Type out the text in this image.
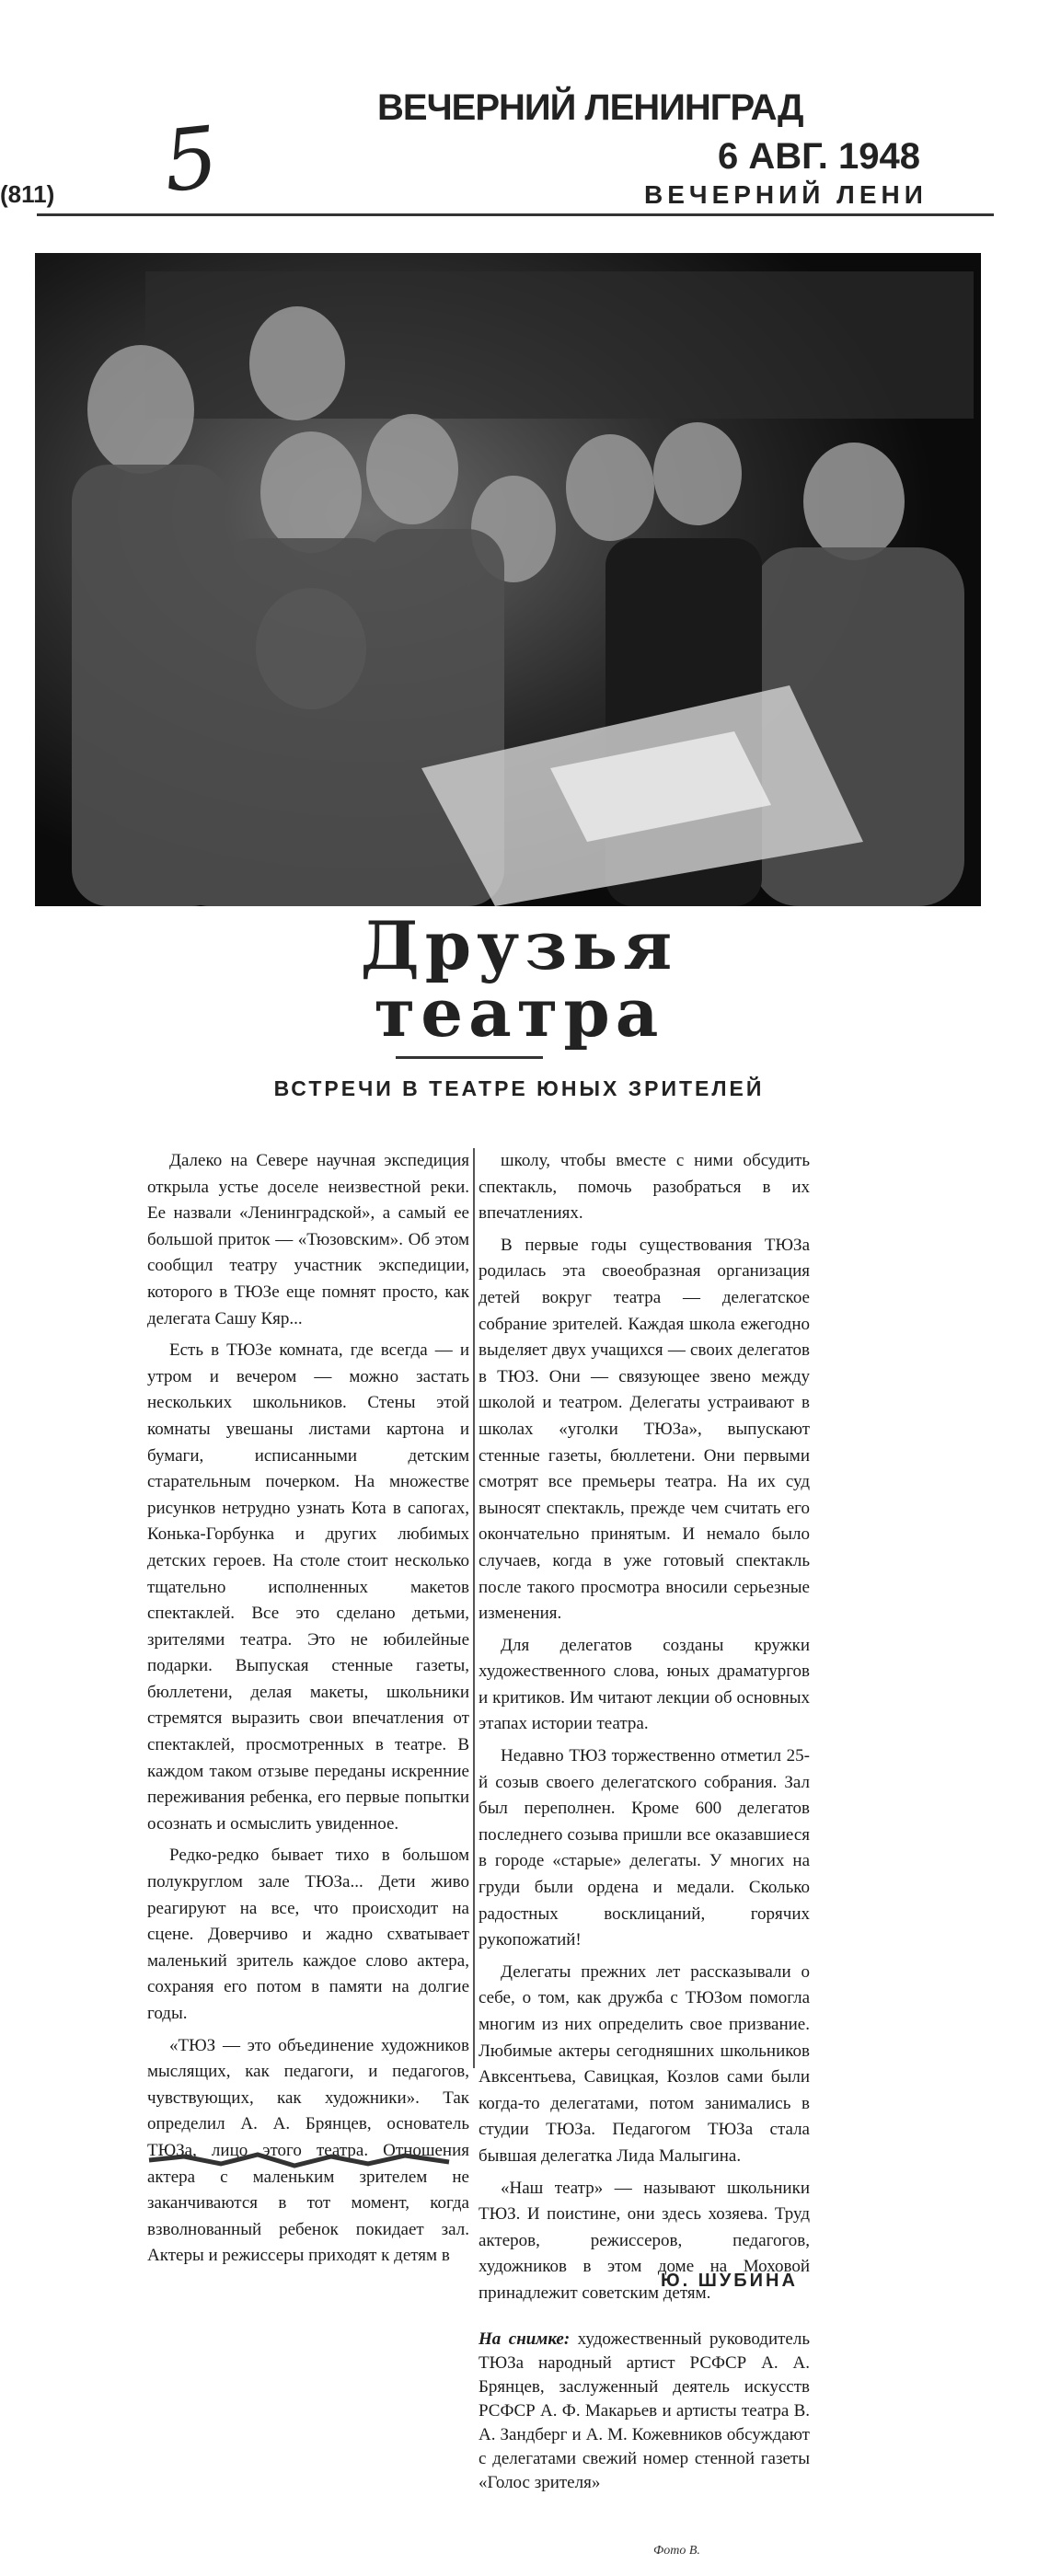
ВЕЧЕРНИЙ ЛЕНИНГРАД
6 АВГ. 1948
5
(811)	ВЕЧЕРНИЙ ЛЕНИ
Друзья
театра
ВСТРЕЧИ В ТЕАТРЕ ЮНЫХ ЗРИТЕЛЕЙ

Далеко на Севере научная экспедиция открыла устье доселе неизвестной реки. Ее назвали «Ленинградской», а самый ее большой приток — «Тюзовским». Об этом сообщил театру участник экспедиции, которого в ТЮЗе еще помнят просто, как делегата Сашу Кяр...

Есть в ТЮЗе комната, где всегда — и утром и вечером — можно застать нескольких школьников. Стены этой комнаты увешаны листами картона и бумаги, исписанными детским старательным почерком. На множестве рисунков нетрудно узнать Кота в сапогах, Конька-Горбунка и других любимых детских героев. На столе стоит несколько тщательно исполненных макетов спектаклей. Все это сделано детьми, зрителями театра. Это не юбилейные подарки. Выпуская стенные газеты, бюллетени, делая макеты, школьники стремятся выразить свои впечатления от спектаклей, просмотренных в театре. В каждом таком отзыве переданы искренние переживания ребенка, его первые попытки осознать и осмыслить увиденное.

Редко-редко бывает тихо в большом полукруглом зале ТЮЗа... Дети живо реагируют на все, что происходит на сцене. Доверчиво и жадно схватывает маленький зритель каждое слово актера, сохраняя его потом в памяти на долгие годы.

«ТЮЗ — это объединение художников мыслящих, как педагоги, и педагогов, чувствующих, как художники». Так определил А. А. Брянцев, основатель ТЮЗа, лицо этого театра. Отношения актера с маленьким зрителем не заканчиваются в тот момент, когда взволнованный ребенок покидает зал. Актеры и режиссеры приходят к детям в

школу, чтобы вместе с ними обсудить спектакль, помочь разобраться в их впечатлениях.

В первые годы существования ТЮЗа родилась эта своеобразная организация детей вокруг театра — делегатское собрание зрителей. Каждая школа ежегодно выделяет двух учащихся — своих делегатов в ТЮЗ. Они — связующее звено между школой и театром. Делегаты устраивают в школах «уголки ТЮЗа», выпускают стенные газеты, бюллетени. Они первыми смотрят все премьеры театра. На их суд выносят спектакль, прежде чем считать его окончательно принятым. И немало было случаев, когда в уже готовый спектакль после такого просмотра вносили серьезные изменения.

Для делегатов созданы кружки художественного слова, юных драматургов и критиков. Им читают лекции об основных этапах истории театра.

Недавно ТЮЗ торжественно отметил 25-й созыв своего делегатского собрания. Зал был переполнен. Кроме 600 делегатов последнего созыва пришли все оказавшиеся в городе «старые» делегаты. У многих на груди были ордена и медали. Сколько радостных восклицаний, горячих рукопожатий!

Делегаты прежних лет рассказывали о себе, о том, как дружба с ТЮЗом помогла многим из них определить свое призвание. Любимые актеры сегодняшних школьников Авксентьева, Савицкая, Козлов сами были когда-то делегатами, потом занимались в студии ТЮЗа. Педагогом ТЮЗа стала бывшая делегатка Лида Малыгина.

«Наш театр» — называют школьники ТЮЗ. И поистине, они здесь хозяева. Труд актеров, режиссеров, педагогов, художников в этом доме на Моховой принадлежит советским детям.

Ю. ШУБИНА
На снимке: художественный руководитель ТЮЗа народный артист РСФСР А. А. Брянцев, заслуженный деятель искусств РСФСР А. Ф. Макарьев и артисты театра В. А. Зандберг и А. М. Кожевников обсуждают с делегатами свежий номер стенной газеты «Голос зрителя»
Фото В.
